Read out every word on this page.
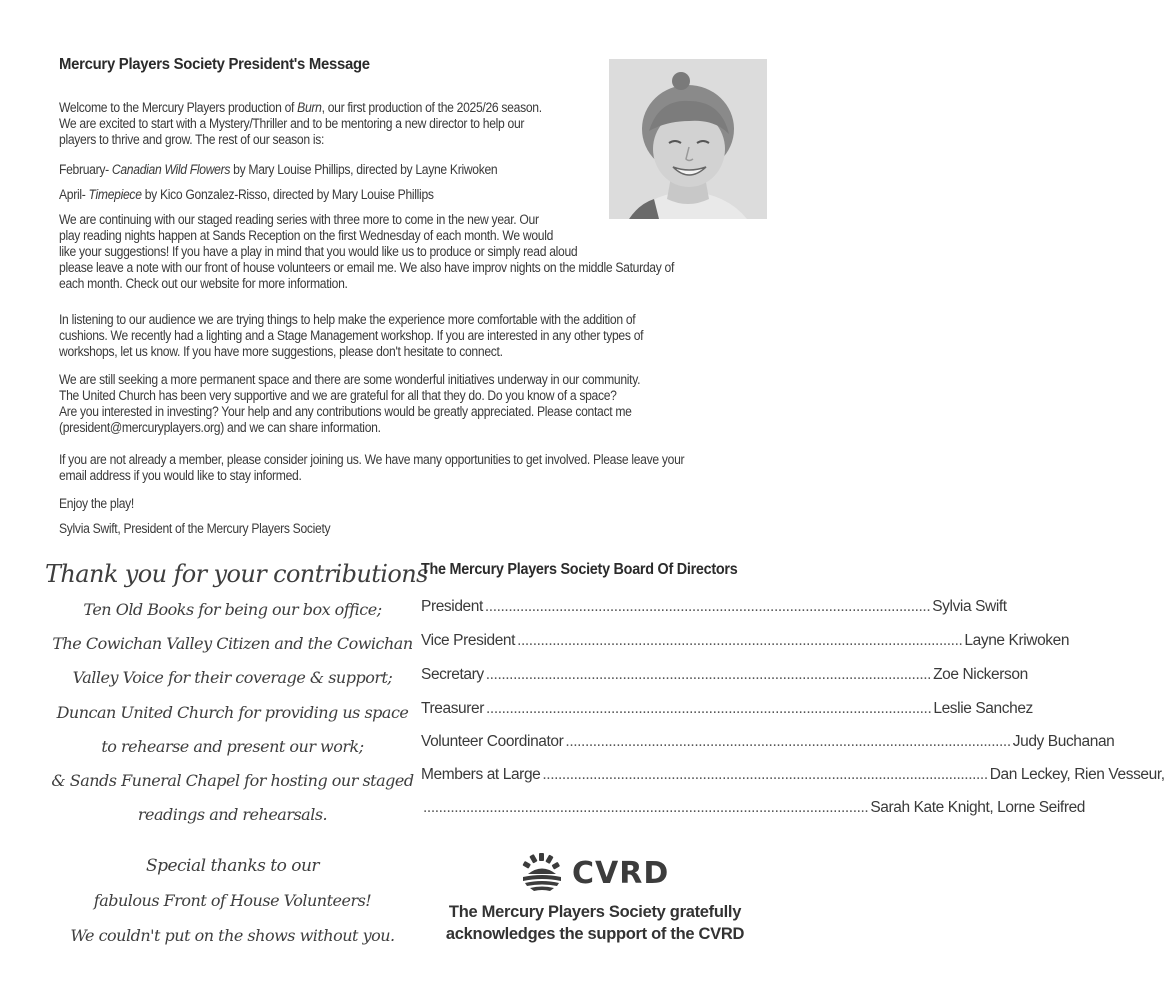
Mercury Players Society President's Message
Welcome to the Mercury Players production of Burn, our first production of the 2025/26 season.
We are excited to start with a Mystery/Thriller and to be mentoring a new director to help our
players to thrive and grow. The rest of our season is:
February- Canadian Wild Flowers by Mary Louise Phillips, directed by Layne Kriwoken
April- Timepiece by Kico Gonzalez-Risso, directed by Mary Louise Phillips
We are continuing with our staged reading series with three more to come in the new year. Our
play reading nights happen at Sands Reception on the first Wednesday of each month. We would
like your suggestions! If you have a play in mind that you would like us to produce or simply read aloud
please leave a note with our front of house volunteers or email me. We also have improv nights on the middle Saturday of
each month. Check out our website for more information.
In listening to our audience we are trying things to help make the experience more comfortable with the addition of
cushions. We recently had a lighting and a Stage Management workshop. If you are interested in any other types of
workshops, let us know. If you have more suggestions, please don't hesitate to connect.
We are still seeking a more permanent space and there are some wonderful initiatives underway in our community.
The United Church has been very supportive and we are grateful for all that they do. Do you know of a space?
Are you interested in investing? Your help and any contributions would be greatly appreciated. Please contact me
(president@mercuryplayers.org) and we can share information.
If you are not already a member, please consider joining us. We have many opportunities to get involved. Please leave your
email address if you would like to stay informed.
Enjoy the play!
Sylvia Swift, President of the Mercury Players Society
Thank you for your contributions
Ten Old Books for being our box office;
The Cowichan Valley Citizen and the Cowichan
Valley Voice for their coverage & support;
Duncan United Church for providing us space
to rehearse and present our work;
& Sands Funeral Chapel for hosting our staged
readings and rehearsals.
Special thanks to our
fabulous Front of House Volunteers!
We couldn't put on the shows without you.
The Mercury Players Society Board Of Directors
President .................................................................................................................. Sylvia Swift
Vice President .................................................................................................................. Layne Kriwoken
Secretary .................................................................................................................. Zoe Nickerson
Treasurer .................................................................................................................. Leslie Sanchez
Volunteer Coordinator .................................................................................................................. Judy Buchanan
Members at Large .................................................................................................................. Dan Leckey, Rien Vesseur,
.................................................................................................................. Sarah Kate Knight, Lorne Seifred
CVRD
The Mercury Players Society gratefully
acknowledges the support of the CVRD
